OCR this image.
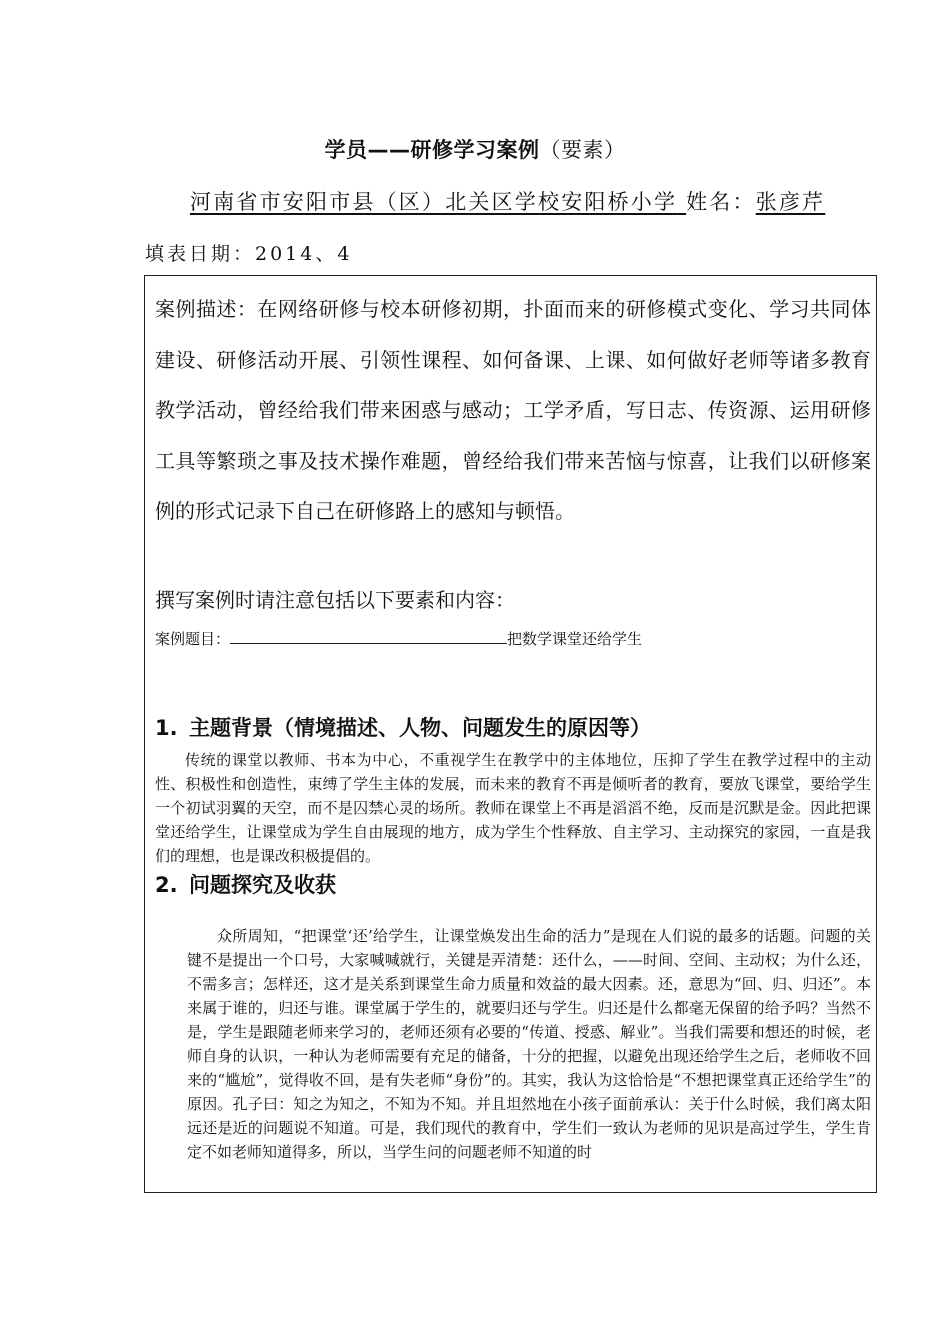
学员——研修学习案例（要素）
河南省市安阳市县（区）北关区学校安阳桥小学 姓名：张彦芹
填表日期：2014、4

案例描述：在网络研修与校本研修初期，扑面而来的研修模式变化、学习共同体建设、研修活动开展、引领性课程、如何备课、上课、如何做好老师等诸多教育教学活动，曾经给我们带来困惑与感动；工学矛盾，写日志、传资源、运用研修工具等繁琐之事及技术操作难题，曾经给我们带来苦恼与惊喜，让我们以研修案例的形式记录下自己在研修路上的感知与顿悟。

撰写案例时请注意包括以下要素和内容：

案例题目：	把数学课堂还给学生
1. 主题背景（情境描述、人物、问题发生的原因等）

传统的课堂以教师、书本为中心，不重视学生在教学中的主体地位，压抑了学生在教学过程中的主动性、积极性和创造性，束缚了学生主体的发展，而未来的教育不再是倾听者的教育，要放飞课堂，要给学生一个初试羽翼的天空，而不是囚禁心灵的场所。教师在课堂上不再是滔滔不绝，反而是沉默是金。因此把课堂还给学生，让课堂成为学生自由展现的地方，成为学生个性释放、自主学习、主动探究的家园，一直是我们的理想，也是课改积极提倡的。

2. 问题探究及收获

众所周知，“把课堂‘还’给学生，让课堂焕发出生命的活力”是现在人们说的最多的话题。问题的关键不是提出一个口号，大家喊喊就行，关键是弄清楚：还什么，——时间、空间、主动权；为什么还，不需多言；怎样还，这才是关系到课堂生命力质量和效益的最大因素。还，意思为“回、归、归还”。本来属于谁的，归还与谁。课堂属于学生的，就要归还与学生。归还是什么都毫无保留的给予吗？当然不是，学生是跟随老师来学习的，老师还须有必要的“传道、授惑、解业”。当我们需要和想还的时候，老师自身的认识，一种认为老师需要有充足的储备，十分的把握，以避免出现还给学生之后，老师收不回来的“尴尬”，觉得收不回，是有失老师“身份”的。其实，我认为这恰恰是“不想把课堂真正还给学生”的原因。孔子曰：知之为知之，不知为不知。并且坦然地在小孩子面前承认：关于什么时候，我们离太阳远还是近的问题说不知道。可是，我们现代的教育中，学生们一致认为老师的见识是高过学生，学生肯定不如老师知道得多，所以，当学生问的问题老师不知道的时
